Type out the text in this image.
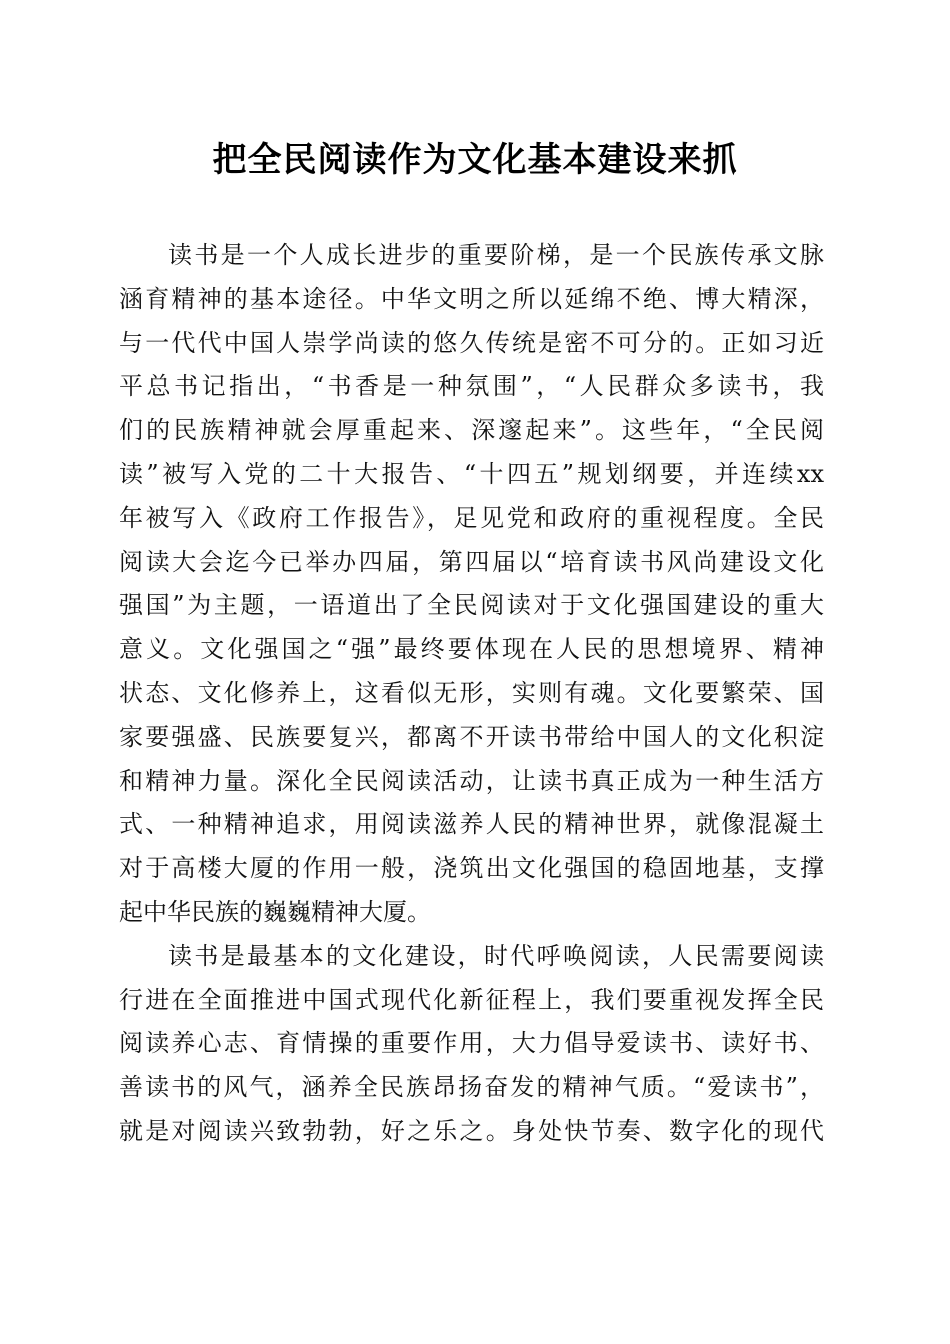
把全民阅读作为文化基本建设来抓
读书是一个人成长进步的重要阶梯，是一个民族传承文脉
涵育精神的基本途径。中华文明之所以延绵不绝、博大精深，
与一代代中国人崇学尚读的悠久传统是密不可分的。正如习近
平总书记指出，“书香是一种氛围”，“人民群众多读书，我
们的民族精神就会厚重起来、深邃起来”。这些年，“全民阅
读”被写入党的二十大报告、“十四五”规划纲要，并连续xx
年被写入《政府工作报告》，足见党和政府的重视程度。全民
阅读大会迄今已举办四届，第四届以“培育读书风尚建设文化
强国”为主题，一语道出了全民阅读对于文化强国建设的重大
意义。文化强国之“强”最终要体现在人民的思想境界、精神
状态、文化修养上，这看似无形，实则有魂。文化要繁荣、国
家要强盛、民族要复兴，都离不开读书带给中国人的文化积淀
和精神力量。深化全民阅读活动，让读书真正成为一种生活方
式、一种精神追求，用阅读滋养人民的精神世界，就像混凝土
对于高楼大厦的作用一般，浇筑出文化强国的稳固地基，支撑
起中华民族的巍巍精神大厦。
读书是最基本的文化建设，时代呼唤阅读，人民需要阅读
行进在全面推进中国式现代化新征程上，我们要重视发挥全民
阅读养心志、育情操的重要作用，大力倡导爱读书、读好书、
善读书的风气，涵养全民族昂扬奋发的精神气质。“爱读书”，
就是对阅读兴致勃勃，好之乐之。身处快节奏、数字化的现代
